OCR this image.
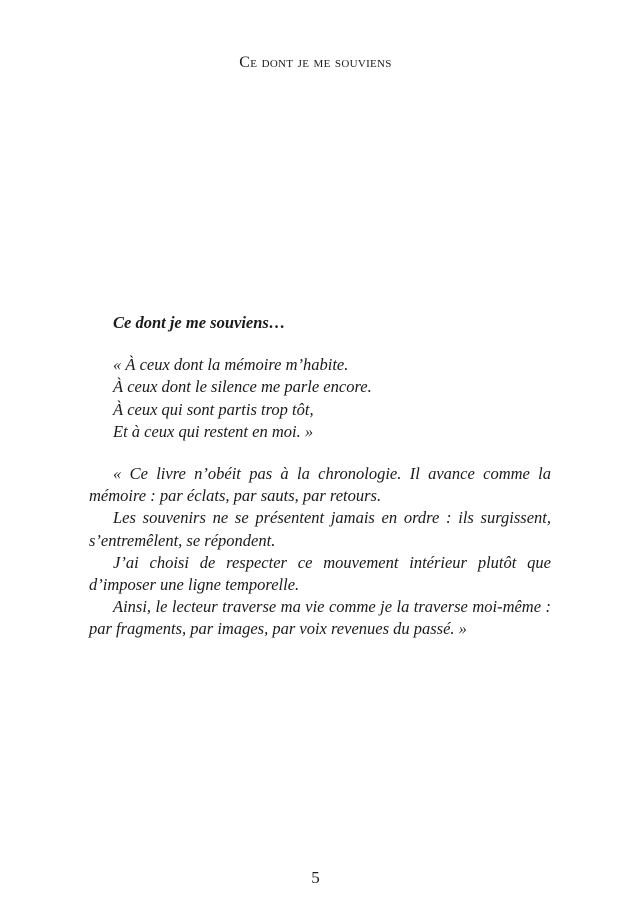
Ce dont je me souviens

Ce dont je me souviens…

« À ceux dont la mémoire m’habite.
À ceux dont le silence me parle encore.
À ceux qui sont partis trop tôt,
Et à ceux qui restent en moi. »

« Ce livre n’obéit pas à la chronologie. Il avance comme la mémoire : par éclats, par sauts, par retours.

Les souvenirs ne se présentent jamais en ordre : ils surgissent, s’entremêlent, se répondent.

J’ai choisi de respecter ce mouvement intérieur plutôt que d’imposer une ligne temporelle.

Ainsi, le lecteur traverse ma vie comme je la traverse moi-même : par fragments, par images, par voix revenues du passé. »

5
